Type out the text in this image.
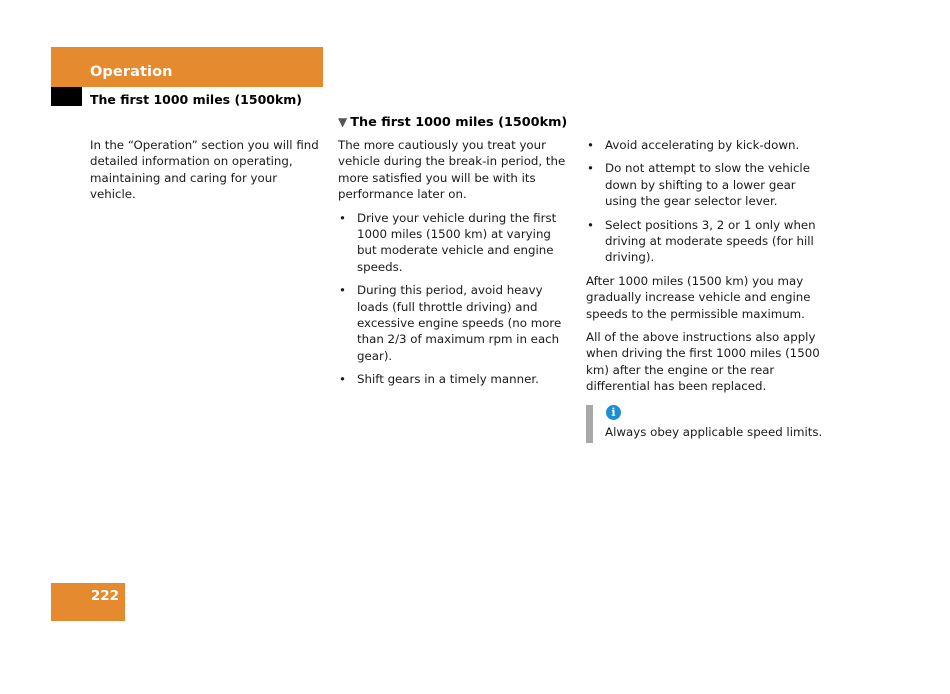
Operation
The first 1000 miles (1500km)

In the “Operation” section you will find detailed information on operating, maintaining and caring for your vehicle.

▼ The first 1000 miles (1500km)

The more cautiously you treat your vehicle during the break-in period, the more satisfied you will be with its performance later on.

• Drive your vehicle during the first 1000 miles (1500 km) at varying but moderate vehicle and engine speeds.
• During this period, avoid heavy loads (full throttle driving) and excessive engine speeds (no more than 2/3 of maximum rpm in each gear).
• Shift gears in a timely manner.
• Avoid accelerating by kick-down.
• Do not attempt to slow the vehicle down by shifting to a lower gear using the gear selector lever.
• Select positions 3, 2 or 1 only when driving at moderate speeds (for hill driving).

After 1000 miles (1500 km) you may gradually increase vehicle and engine speeds to the permissible maximum.

All of the above instructions also apply when driving the first 1000 miles (1500 km) after the engine or the rear differential has been replaced.

i
Always obey applicable speed limits.
222
